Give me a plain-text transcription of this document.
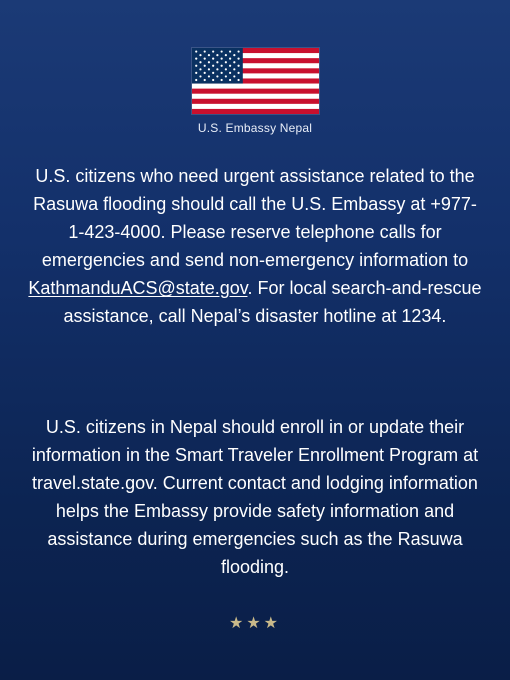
U.S. Embassy Nepal
U.S. citizens who need urgent assistance related to the Rasuwa flooding should call the U.S. Embassy at +977-1-423-4000. Please reserve telephone calls for emergencies and send non-emergency information to KathmanduACS@state.gov. For local search-and-rescue assistance, call Nepal’s disaster hotline at 1234.
U.S. citizens in Nepal should enroll in or update their information in the Smart Traveler Enrollment Program at travel.state.gov. Current contact and lodging information helps the Embassy provide safety information and assistance during emergencies such as the Rasuwa flooding.
★★★
